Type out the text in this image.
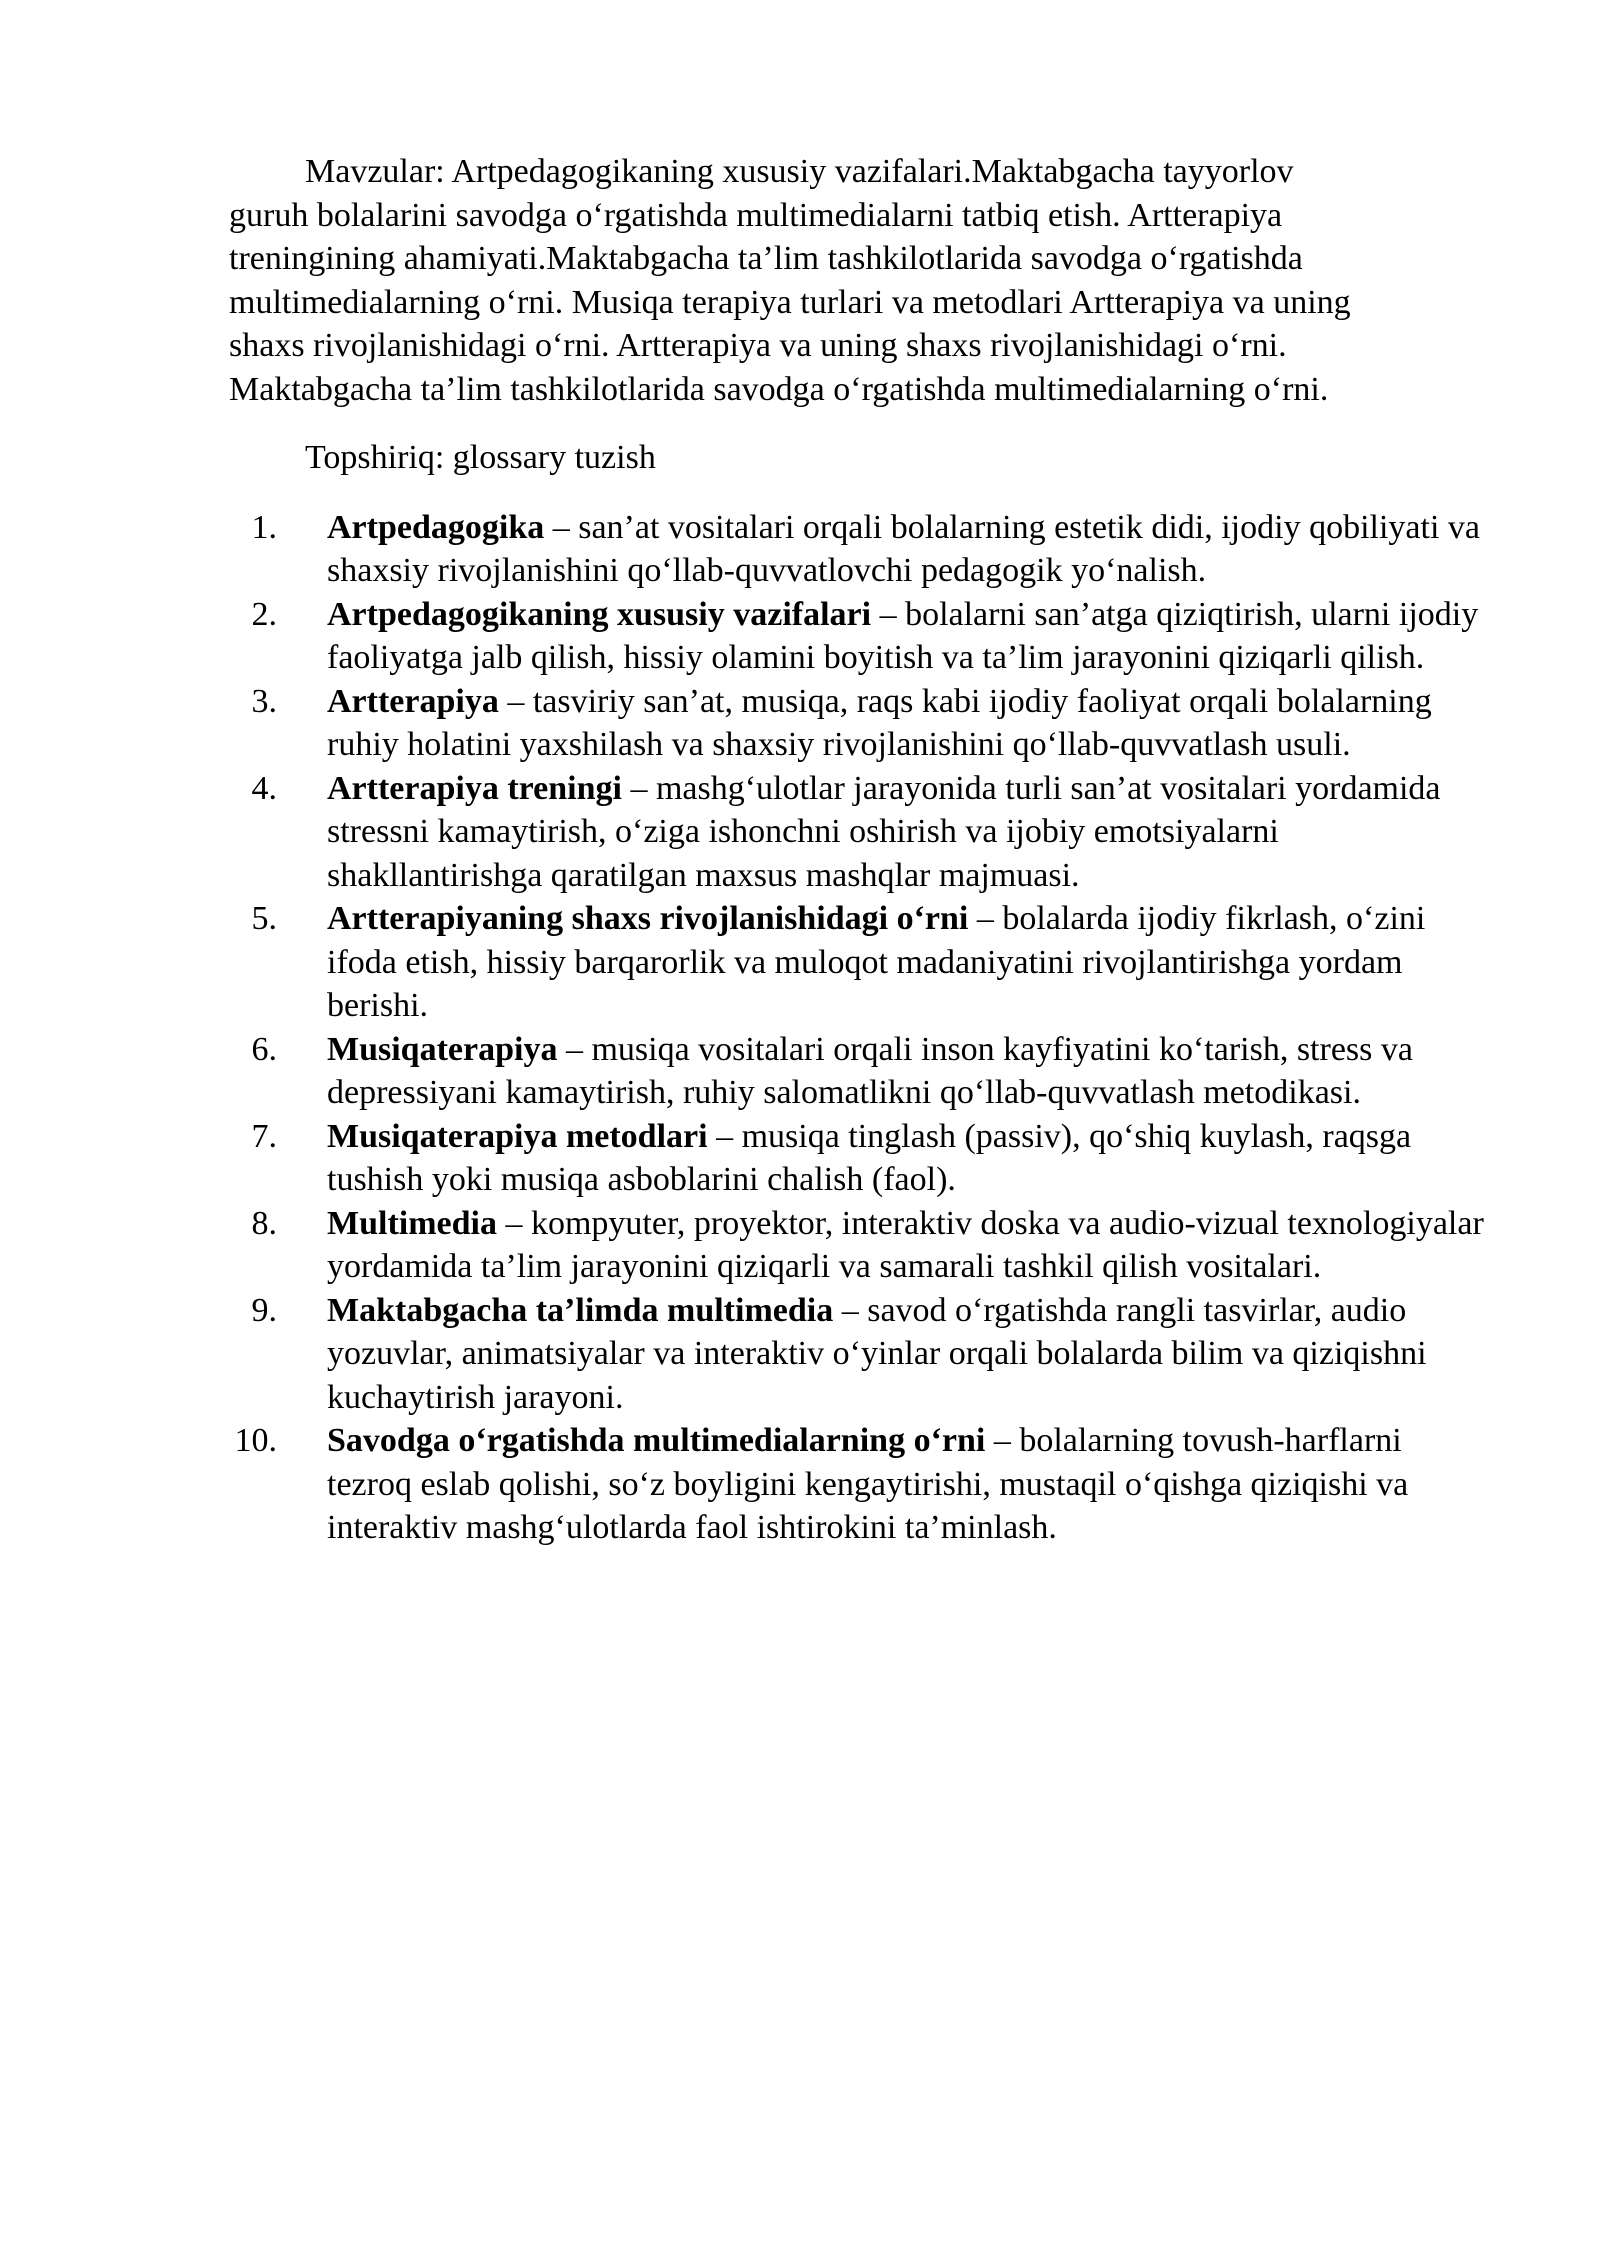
Mavzular: Artpedagogikaning xususiy vazifalari.Maktabgacha tayyorlov
guruh bolalarini savodga o‘rgatishda multimedialarni tatbiq etish. Artterapiya
treningining ahamiyati.Maktabgacha ta’lim tashkilotlarida savodga o‘rgatishda
multimedialarning o‘rni. Musiqa terapiya turlari va metodlari Artterapiya va uning
shaxs rivojlanishidagi o‘rni. Artterapiya va uning shaxs rivojlanishidagi o‘rni.
Maktabgacha ta’lim tashkilotlarida savodga o‘rgatishda multimedialarning o‘rni.

Topshiriq: glossary tuzish

1. Artpedagogika – san’at vositalari orqali bolalarning estetik didi, ijodiy qobiliyati va shaxsiy rivojlanishini qo‘llab-quvvatlovchi pedagogik yo‘nalish.
2. Artpedagogikaning xususiy vazifalari – bolalarni san’atga qiziqtirish, ularni ijodiy faoliyatga jalb qilish, hissiy olamini boyitish va ta’lim jarayonini qiziqarli qilish.
3. Artterapiya – tasviriy san’at, musiqa, raqs kabi ijodiy faoliyat orqali bolalarning ruhiy holatini yaxshilash va shaxsiy rivojlanishini qo‘llab-quvvatlash usuli.
4. Artterapiya treningi – mashg‘ulotlar jarayonida turli san’at vositalari yordamida stressni kamaytirish, o‘ziga ishonchni oshirish va ijobiy emotsiyalarni shakllantirishga qaratilgan maxsus mashqlar majmuasi.
5. Artterapiyaning shaxs rivojlanishidagi o‘rni – bolalarda ijodiy fikrlash, o‘zini ifoda etish, hissiy barqarorlik va muloqot madaniyatini rivojlantirishga yordam berishi.
6. Musiqaterapiya – musiqa vositalari orqali inson kayfiyatini ko‘tarish, stress va depressiyani kamaytirish, ruhiy salomatlikni qo‘llab-quvvatlash metodikasi.
7. Musiqaterapiya metodlari – musiqa tinglash (passiv), qo‘shiq kuylash, raqsga tushish yoki musiqa asboblarini chalish (faol).
8. Multimedia – kompyuter, proyektor, interaktiv doska va audio-vizual texnologiyalar yordamida ta’lim jarayonini qiziqarli va samarali tashkil qilish vositalari.
9. Maktabgacha ta’limda multimedia – savod o‘rgatishda rangli tasvirlar, audio yozuvlar, animatsiyalar va interaktiv o‘yinlar orqali bolalarda bilim va qiziqishni kuchaytirish jarayoni.
10. Savodga o‘rgatishda multimedialarning o‘rni – bolalarning tovush-harflarni tezroq eslab qolishi, so‘z boyligini kengaytirishi, mustaqil o‘qishga qiziqishi va interaktiv mashg‘ulotlarda faol ishtirokini ta’minlash.
